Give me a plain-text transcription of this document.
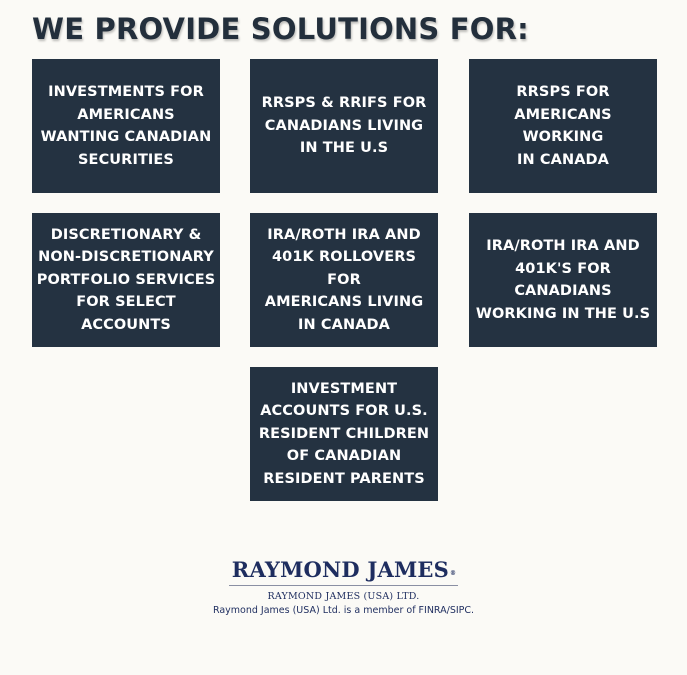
WE PROVIDE SOLUTIONS FOR:
INVESTMENTS FOR
AMERICANS
WANTING CANADIAN
SECURITIES
RRSPS & RRIFS FOR
CANADIANS LIVING
IN THE U.S
RRSPS FOR
AMERICANS WORKING
IN CANADA
DISCRETIONARY &
NON-DISCRETIONARY
PORTFOLIO SERVICES
FOR SELECT
ACCOUNTS
IRA/ROTH IRA AND
401K ROLLOVERS FOR
AMERICANS LIVING
IN CANADA
IRA/ROTH IRA AND
401K'S FOR
CANADIANS
WORKING IN THE U.S
INVESTMENT
ACCOUNTS FOR U.S.
RESIDENT CHILDREN
OF CANADIAN
RESIDENT PARENTS
RAYMOND JAMES®
RAYMOND JAMES (USA) LTD.
Raymond James (USA) Ltd. is a member of FINRA/SIPC.
